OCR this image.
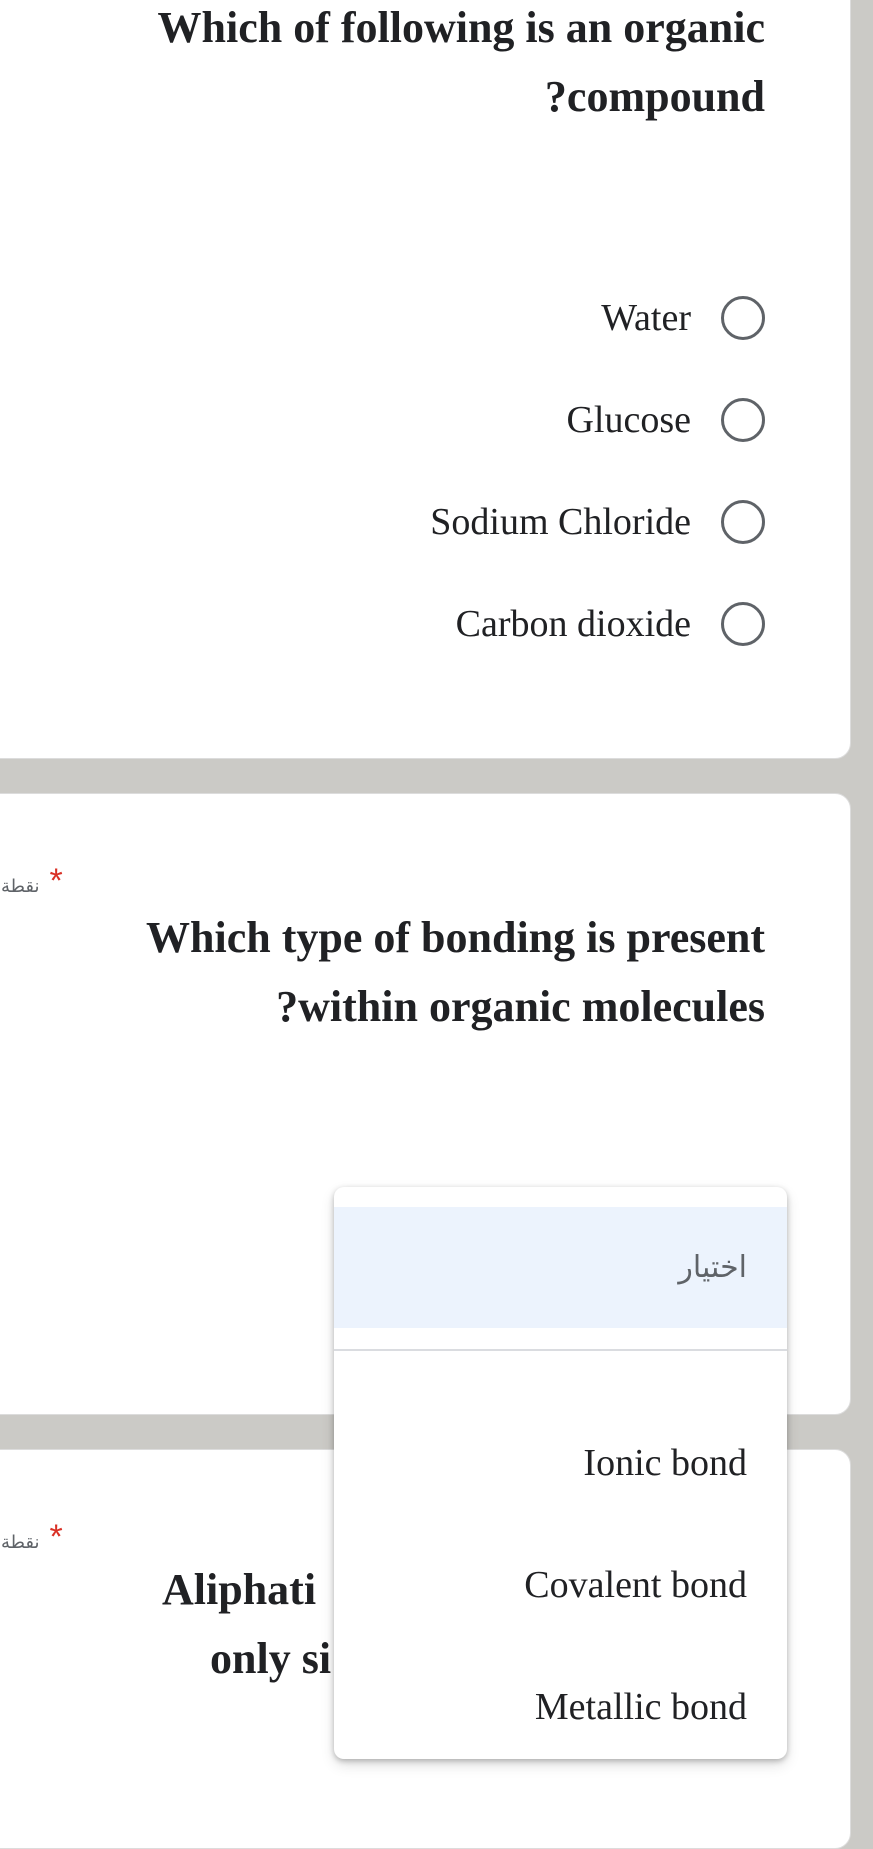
Which of following is an organic
?compound
Water
Glucose
Sodium Chloride
Carbon dioxide
نقطة *
Which type of bonding is present
?within organic molecules
نقطة *
Aliphati
only si
اختيار
Ionic bond
Covalent bond
Metallic bond
